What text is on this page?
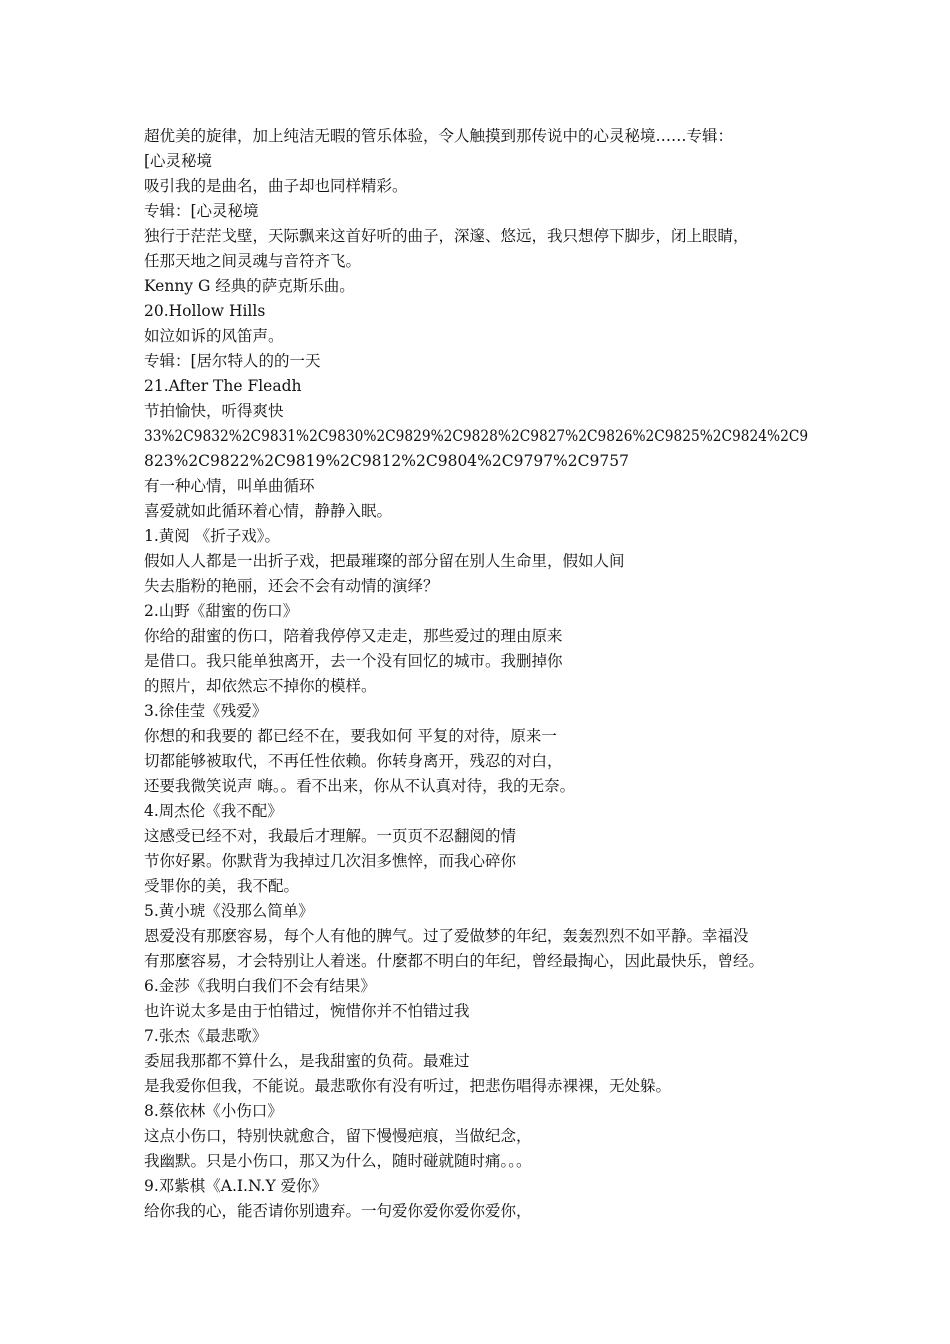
超优美的旋律，加上纯洁无暇的管乐体验，令人触摸到那传说中的心灵秘境……专辑：
[心灵秘境
吸引我的是曲名，曲子却也同样精彩。
专辑：[心灵秘境
独行于茫茫戈壁，天际飘来这首好听的曲子，深邃、悠远，我只想停下脚步，闭上眼睛，
任那天地之间灵魂与音符齐飞。
Kenny G 经典的萨克斯乐曲。
20.Hollow Hills
如泣如诉的风笛声。
专辑：[居尔特人的的一天
21.After The Fleadh
节拍愉快，听得爽快
33%2C9832%2C9831%2C9830%2C9829%2C9828%2C9827%2C9826%2C9825%2C9824%2C9
823%2C9822%2C9819%2C9812%2C9804%2C9797%2C9757
有一种心情，叫单曲循环
喜爱就如此循环着心情，静静入眠。
1.黄阅 《折子戏》。
假如人人都是一出折子戏，把最璀璨的部分留在别人生命里，假如人间
失去脂粉的艳丽，还会不会有动情的演绎？
2.山野《甜蜜的伤口》
你给的甜蜜的伤口，陪着我停停又走走，那些爱过的理由原来
是借口。我只能单独离开，去一个没有回忆的城市。我删掉你
的照片，却依然忘不掉你的模样。
3.徐佳莹《残爱》
你想的和我要的 都已经不在，要我如何 平复的对待，原来一
切都能够被取代，不再任性依赖。你转身离开，残忍的对白，
还要我微笑说声 嗨。。看不出来，你从不认真对待，我的无奈。
4.周杰伦《我不配》
这感受已经不对，我最后才理解。一页页不忍翻阅的情
节你好累。你默背为我掉过几次泪多憔悴，而我心碎你
受罪你的美，我不配。
5.黄小琥《没那么简单》
恩爱没有那麽容易，每个人有他的脾气。过了爱做梦的年纪，轰轰烈烈不如平静。幸福没
有那麼容易，才会特别让人着迷。什麼都不明白的年纪，曾经最掏心，因此最快乐，曾经。
6.金莎《我明白我们不会有结果》
也许说太多是由于怕错过，惋惜你并不怕错过我
7.张杰《最悲歌》
委屈我那都不算什么，是我甜蜜的负荷。最难过
是我爱你但我，不能说。最悲歌你有没有听过，把悲伤唱得赤裸裸，无处躲。
8.蔡依林《小伤口》
这点小伤口，特别快就愈合，留下慢慢疤痕，当做纪念，
我幽默。只是小伤口，那又为什么，随时碰就随时痛。。。
9.邓紫棋《A.I.N.Y 爱你》
给你我的心，能否请你别遗弃。一句爱你爱你爱你爱你，
